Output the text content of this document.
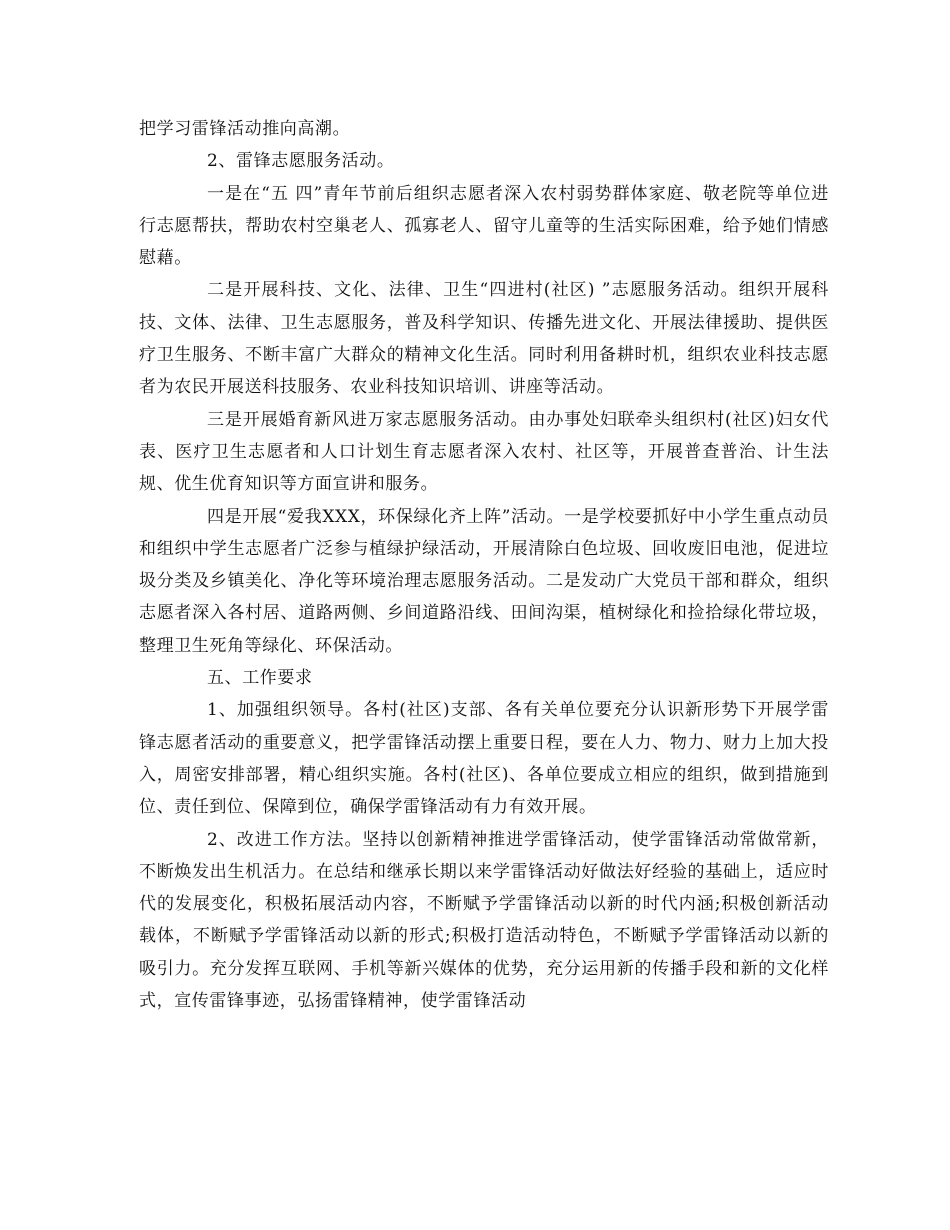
把学习雷锋活动推向高潮。

2、雷锋志愿服务活动。

一是在“五 四”青年节前后组织志愿者深入农村弱势群体家庭、敬老院等单位进行志愿帮扶，帮助农村空巢老人、孤寡老人、留守儿童等的生活实际困难，给予她们情感慰藉。

二是开展科技、文化、法律、卫生“四进村(社区) ”志愿服务活动。组织开展科技、文体、法律、卫生志愿服务，普及科学知识、传播先进文化、开展法律援助、提供医疗卫生服务、不断丰富广大群众的精神文化生活。同时利用备耕时机，组织农业科技志愿者为农民开展送科技服务、农业科技知识培训、讲座等活动。

三是开展婚育新风进万家志愿服务活动。由办事处妇联牵头组织村(社区)妇女代表、医疗卫生志愿者和人口计划生育志愿者深入农村、社区等，开展普查普治、计生法规、优生优育知识等方面宣讲和服务。

四是开展“爱我XXX，环保绿化齐上阵”活动。一是学校要抓好中小学生重点动员和组织中学生志愿者广泛参与植绿护绿活动，开展清除白色垃圾、回收废旧电池，促进垃圾分类及乡镇美化、净化等环境治理志愿服务活动。二是发动广大党员干部和群众，组织志愿者深入各村居、道路两侧、乡间道路沿线、田间沟渠，植树绿化和捡拾绿化带垃圾，整理卫生死角等绿化、环保活动。

五、工作要求

1、加强组织领导。各村(社区)支部、各有关单位要充分认识新形势下开展学雷锋志愿者活动的重要意义，把学雷锋活动摆上重要日程，要在人力、物力、财力上加大投入，周密安排部署，精心组织实施。各村(社区)、各单位要成立相应的组织，做到措施到位、责任到位、保障到位，确保学雷锋活动有力有效开展。

2、改进工作方法。坚持以创新精神推进学雷锋活动，使学雷锋活动常做常新，不断焕发出生机活力。在总结和继承长期以来学雷锋活动好做法好经验的基础上，适应时代的发展变化，积极拓展活动内容，不断赋予学雷锋活动以新的时代内涵;积极创新活动载体，不断赋予学雷锋活动以新的形式;积极打造活动特色，不断赋予学雷锋活动以新的吸引力。充分发挥互联网、手机等新兴媒体的优势，充分运用新的传播手段和新的文化样式，宣传雷锋事迹，弘扬雷锋精神，使学雷锋活动
